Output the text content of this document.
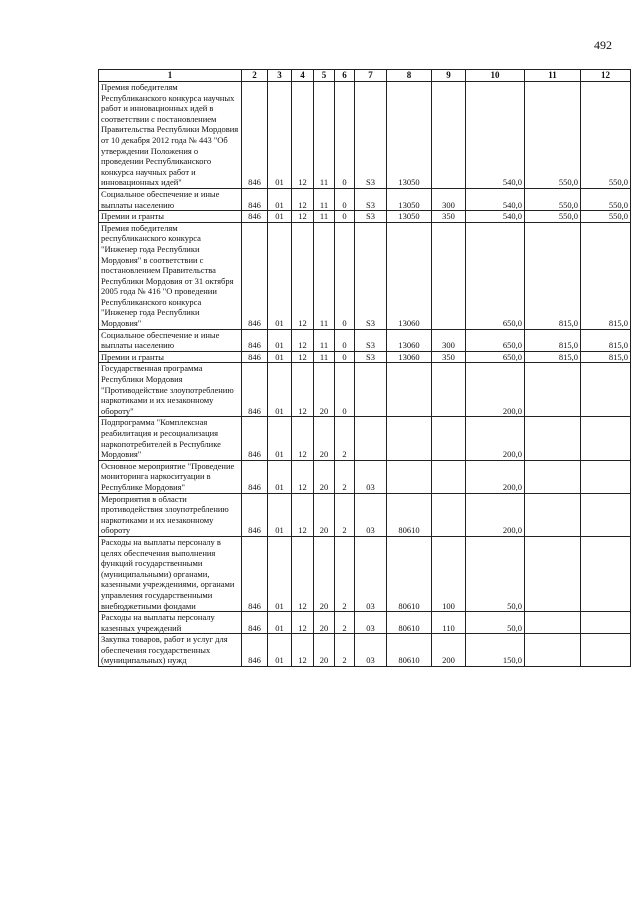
492
1	2	3	4	5	6	7	8	9	10	11	12
Премия победителям Республиканского конкурса научных работ и инновационных идей в соответствии с постановлением Правительства Республики Мордовия от 10 декабря 2012 года № 443 "Об утверждении Положения о проведении Республиканского конкурса научных работ и инновационных идей"	846	01	12	11	0	S3	13050		540,0	550,0	550,0
Социальное обеспечение и иные выплаты населению	846	01	12	11	0	S3	13050	300	540,0	550,0	550,0
Премии и гранты	846	01	12	11	0	S3	13050	350	540,0	550,0	550,0
Премия победителям республиканского конкурса "Инженер года Республики Мордовия" в соответствии с постановлением Правительства Республики Мордовия от 31 октября 2005 года № 416 "О проведении Республиканского конкурса "Инженер года Республики Мордовия"	846	01	12	11	0	S3	13060		650,0	815,0	815,0
Социальное обеспечение и иные выплаты населению	846	01	12	11	0	S3	13060	300	650,0	815,0	815,0
Премии и гранты	846	01	12	11	0	S3	13060	350	650,0	815,0	815,0
Государственная программа Республики Мордовия "Противодействие злоупотреблению наркотиками и их незаконному обороту"	846	01	12	20	0				200,0		
Подпрограмма "Комплексная реабилитация и ресоциализация наркопотребителей в Республике Мордовия"	846	01	12	20	2				200,0		
Основное мероприятие "Проведение мониторинга наркоситуации в Республике Мордовия"	846	01	12	20	2	03			200,0		
Мероприятия в области противодействия злоупотреблению наркотиками и их незаконному обороту	846	01	12	20	2	03	80610		200,0		
Расходы на выплаты персоналу в целях обеспечения выполнения функций государственными (муниципальными) органами, казенными учреждениями, органами управления государственными внебюджетными фондами	846	01	12	20	2	03	80610	100	50,0		
Расходы на выплаты персоналу казенных учреждений	846	01	12	20	2	03	80610	110	50,0		
Закупка товаров, работ и услуг для обеспечения государственных (муниципальных) нужд	846	01	12	20	2	03	80610	200	150,0		
